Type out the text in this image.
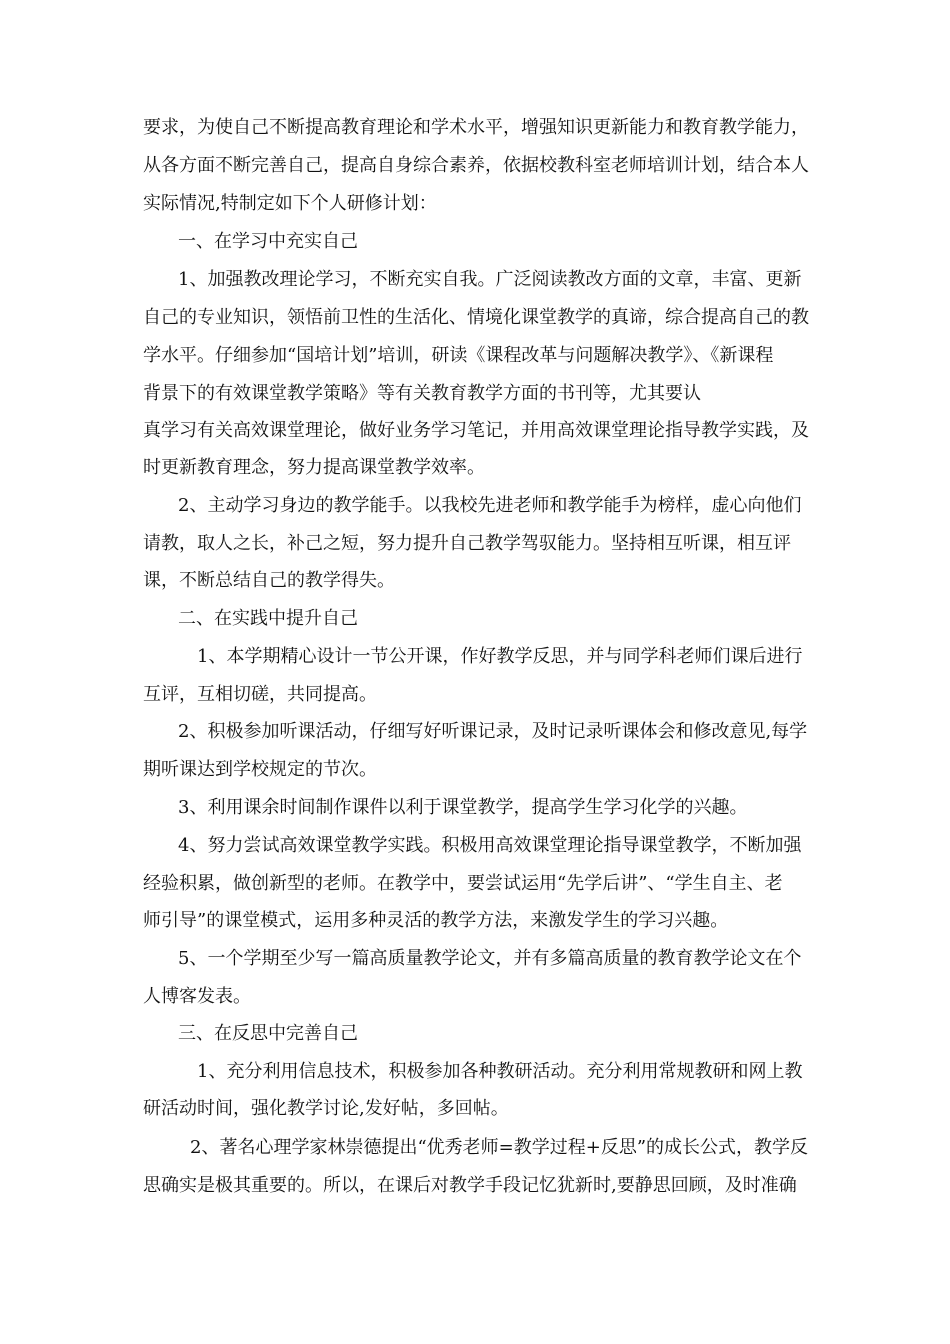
要求，为使自己不断提高教育理论和学术水平，增强知识更新能力和教育教学能力，
从各方面不断完善自己，提高自身综合素养，依据校教科室老师培训计划，结合本人
实际情况,特制定如下个人研修计划：
一、在学习中充实自己
1、加强教改理论学习，不断充实自我。广泛阅读教改方面的文章，丰富、更新
自己的专业知识，领悟前卫性的生活化、情境化课堂教学的真谛，综合提高自己的教
学水平。仔细参加“国培计划”培训，研读《课程改革与问题解决教学》、《新课程
背景下的有效课堂教学策略》等有关教育教学方面的书刊等，尤其要认
真学习有关高效课堂理论，做好业务学习笔记，并用高效课堂理论指导教学实践，及
时更新教育理念，努力提高课堂教学效率。
2、主动学习身边的教学能手。以我校先进老师和教学能手为榜样，虚心向他们
请教，取人之长，补己之短，努力提升自己教学驾驭能力。坚持相互听课，相互评
课，不断总结自己的教学得失。
二、在实践中提升自己
1、本学期精心设计一节公开课，作好教学反思，并与同学科老师们课后进行
互评，互相切磋，共同提高。
2、积极参加听课活动，仔细写好听课记录，及时记录听课体会和修改意见,每学
期听课达到学校规定的节次。
3、利用课余时间制作课件以利于课堂教学，提高学生学习化学的兴趣。
4、努力尝试高效课堂教学实践。积极用高效课堂理论指导课堂教学，不断加强
经验积累，做创新型的老师。在教学中，要尝试运用“先学后讲”、“学生自主、老
师引导”的课堂模式，运用多种灵活的教学方法，来激发学生的学习兴趣。
5、一个学期至少写一篇高质量教学论文，并有多篇高质量的教育教学论文在个
人博客发表。
三、在反思中完善自己
1、充分利用信息技术，积极参加各种教研活动。充分利用常规教研和网上教
研活动时间，强化教学讨论,发好帖，多回帖。
2、著名心理学家林崇德提出“优秀老师=教学过程+反思”的成长公式，教学反
思确实是极其重要的。所以，在课后对教学手段记忆犹新时,要静思回顾，及时准确
